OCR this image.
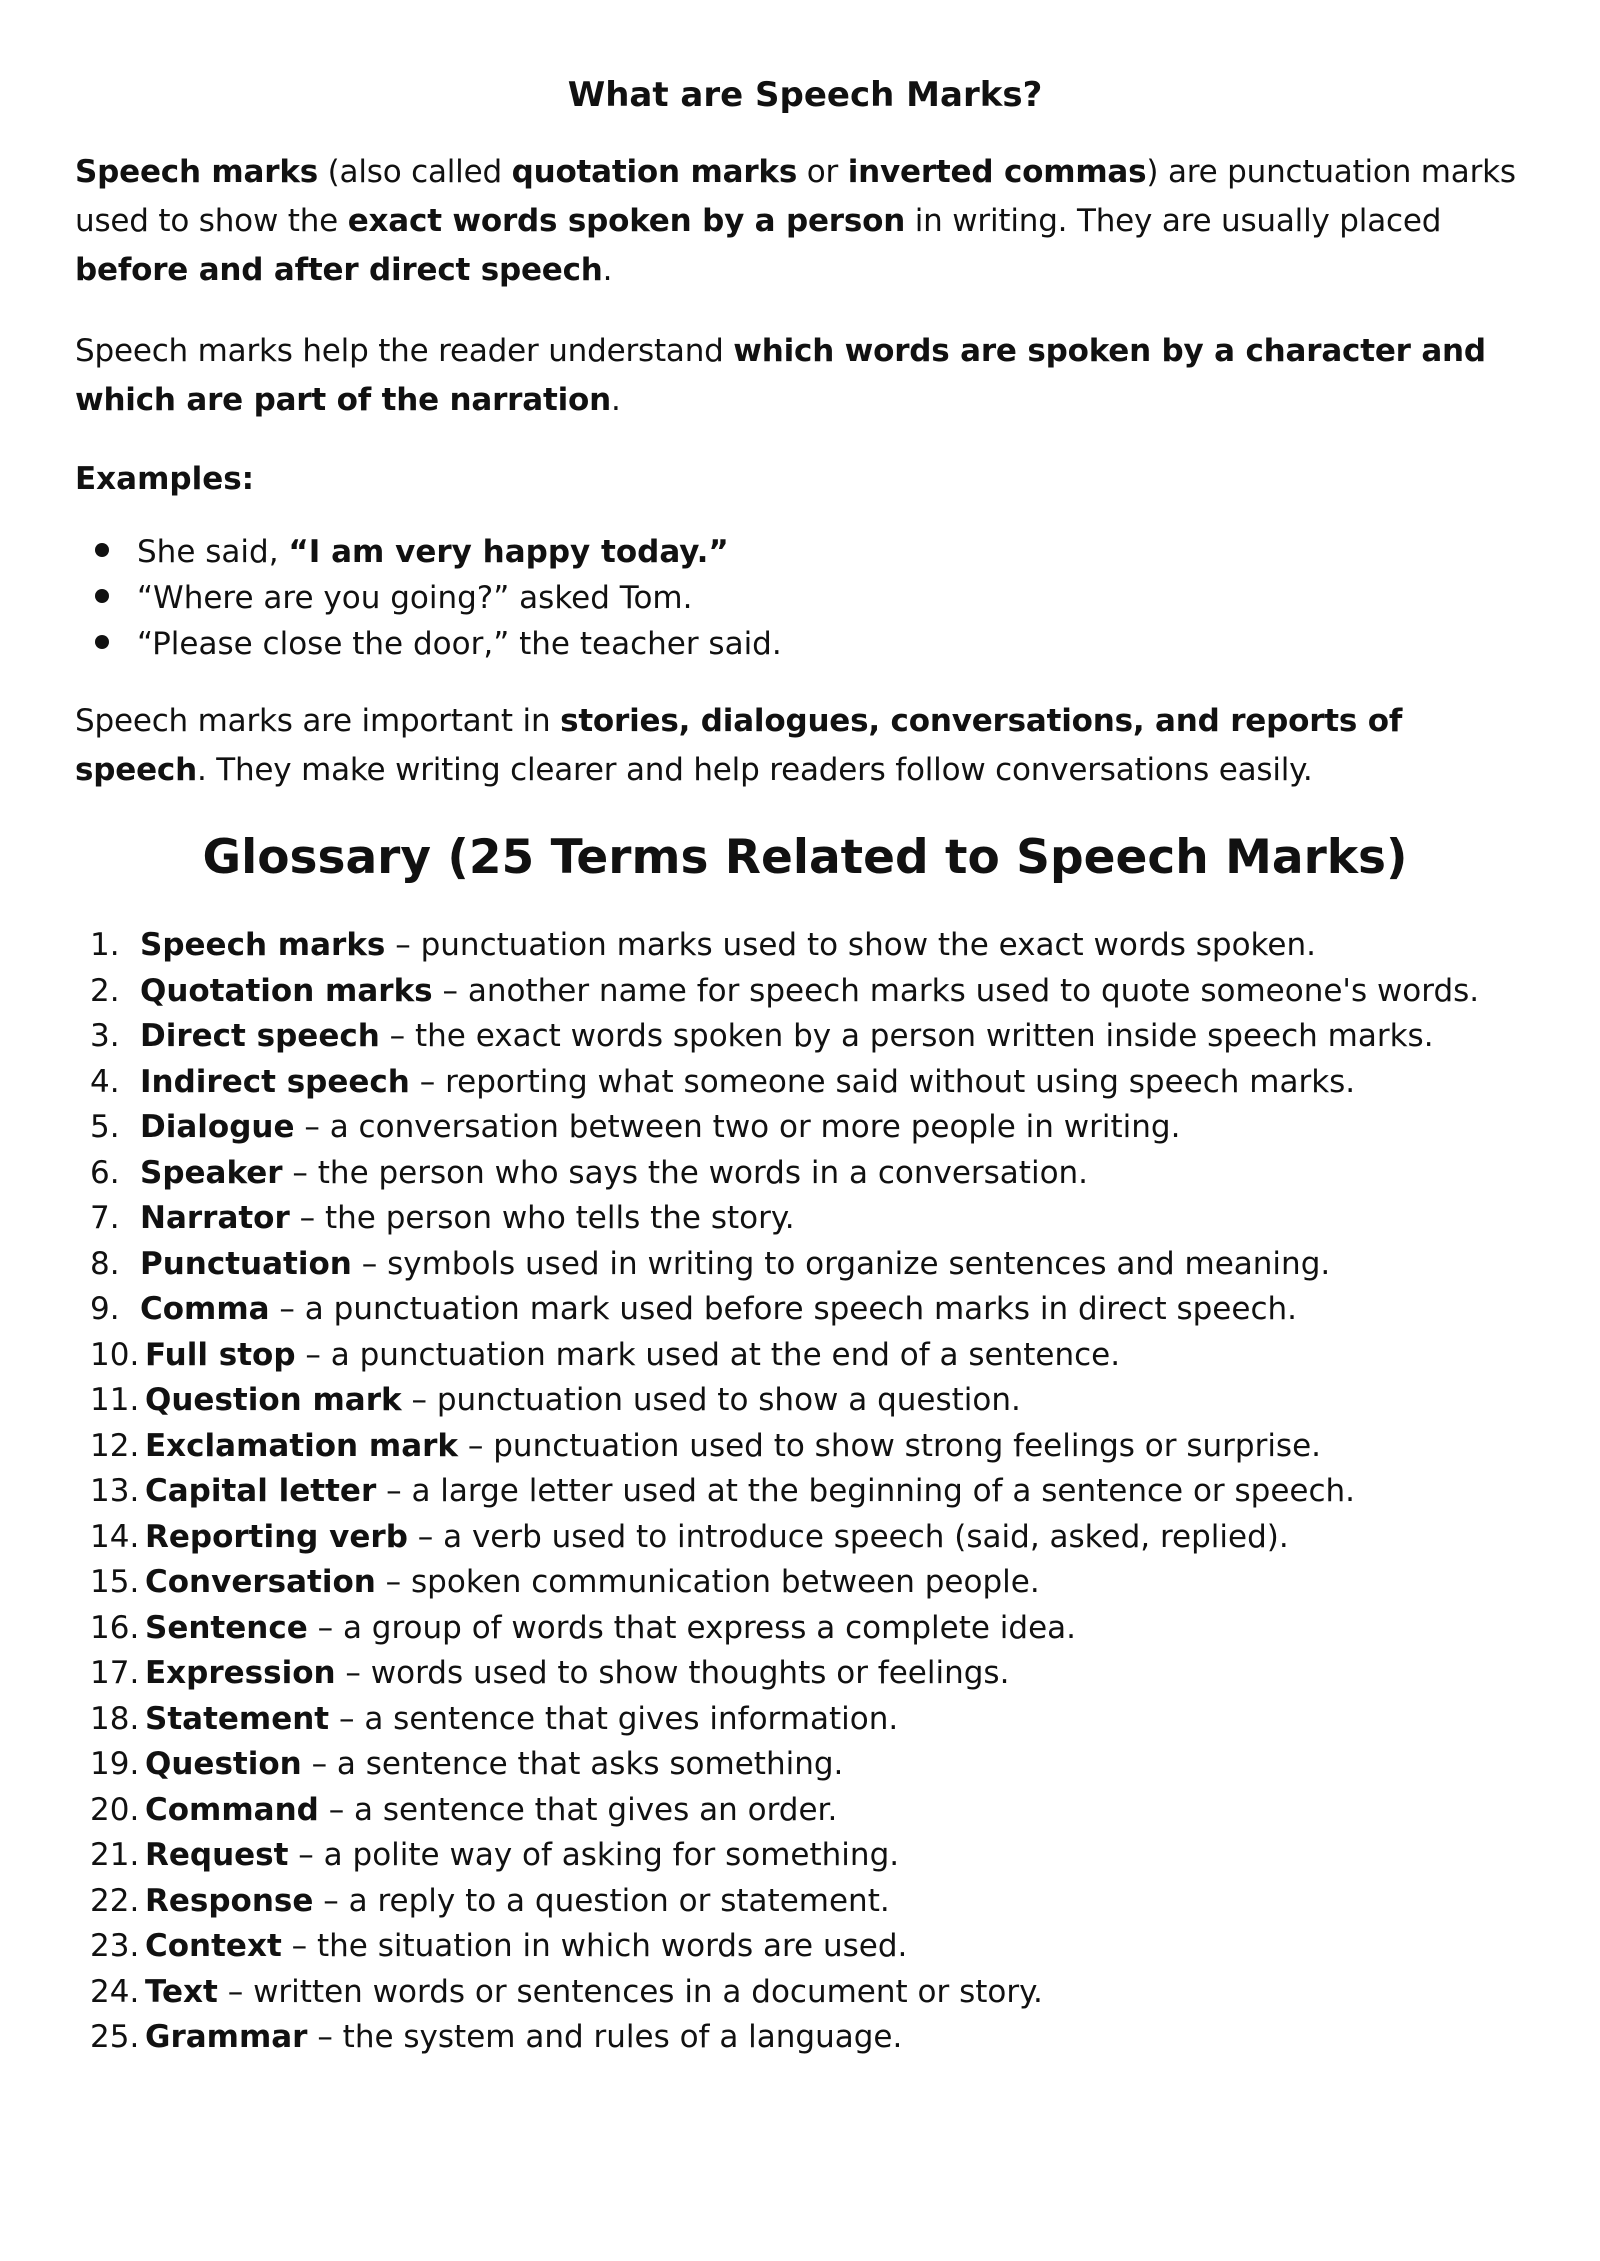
What are Speech Marks?

Speech marks (also called quotation marks or inverted commas) are punctuation marks used to show the exact words spoken by a person in writing. They are usually placed before and after direct speech.

Speech marks help the reader understand which words are spoken by a character and which are part of the narration.

Examples:

She said, “I am very happy today.”
“Where are you going?” asked Tom.
“Please close the door,” the teacher said.

Speech marks are important in stories, dialogues, conversations, and reports of speech. They make writing clearer and help readers follow conversations easily.

Glossary (25 Terms Related to Speech Marks)
1. Speech marks – punctuation marks used to show the exact words spoken.
2. Quotation marks – another name for speech marks used to quote someone's words.
3. Direct speech – the exact words spoken by a person written inside speech marks.
4. Indirect speech – reporting what someone said without using speech marks.
5. Dialogue – a conversation between two or more people in writing.
6. Speaker – the person who says the words in a conversation.
7. Narrator – the person who tells the story.
8. Punctuation – symbols used in writing to organize sentences and meaning.
9. Comma – a punctuation mark used before speech marks in direct speech.
10. Full stop – a punctuation mark used at the end of a sentence.
11. Question mark – punctuation used to show a question.
12. Exclamation mark – punctuation used to show strong feelings or surprise.
13. Capital letter – a large letter used at the beginning of a sentence or speech.
14. Reporting verb – a verb used to introduce speech (said, asked, replied).
15. Conversation – spoken communication between people.
16. Sentence – a group of words that express a complete idea.
17. Expression – words used to show thoughts or feelings.
18. Statement – a sentence that gives information.
19. Question – a sentence that asks something.
20. Command – a sentence that gives an order.
21. Request – a polite way of asking for something.
22. Response – a reply to a question or statement.
23. Context – the situation in which words are used.
24. Text – written words or sentences in a document or story.
25. Grammar – the system and rules of a language.
